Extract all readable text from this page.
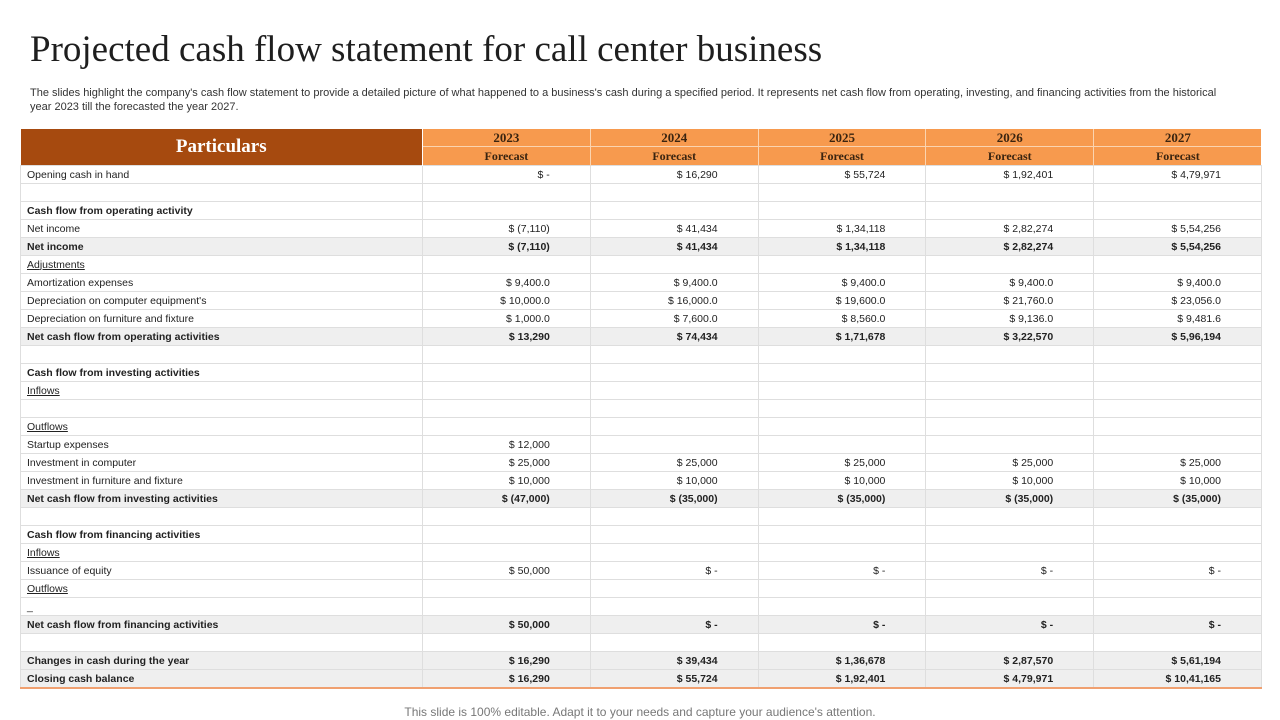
Projected cash flow statement for call center business

The slides highlight the company's cash flow statement to provide a detailed picture of what happened to a business's cash during a specified period. It represents net cash flow from operating, investing, and financing activities from the historical year 2023 till the forecasted the year 2027.

Particulars	2023	2024	2025	2026	2027
	Forecast	Forecast	Forecast	Forecast	Forecast
Opening cash in hand	$ -	$ 16,290	$ 55,724	$ 1,92,401	$ 4,79,971

Cash flow from operating activity					
Net income	$ (7,110)	$ 41,434	$ 1,34,118	$ 2,82,274	$ 5,54,256
Net income	$ (7,110)	$ 41,434	$ 1,34,118	$ 2,82,274	$ 5,54,256
Adjustments					
Amortization expenses	$ 9,400.0	$ 9,400.0	$ 9,400.0	$ 9,400.0	$ 9,400.0
Depreciation on computer equipment's	$ 10,000.0	$ 16,000.0	$ 19,600.0	$ 21,760.0	$ 23,056.0
Depreciation on furniture and fixture	$ 1,000.0	$ 7,600.0	$ 8,560.0	$ 9,136.0	$ 9,481.6
Net cash flow from operating activities	$ 13,290	$ 74,434	$ 1,71,678	$ 3,22,570	$ 5,96,194

Cash flow from investing activities					
Inflows					

Outflows					
Startup expenses	$ 12,000				
Investment in computer	$ 25,000	$ 25,000	$ 25,000	$ 25,000	$ 25,000
Investment in furniture and fixture	$ 10,000	$ 10,000	$ 10,000	$ 10,000	$ 10,000
Net cash flow from investing activities	$ (47,000)	$ (35,000)	$ (35,000)	$ (35,000)	$ (35,000)

Cash flow from financing activities					
Inflows					
Issuance of equity	$ 50,000	$ -	$ -	$ -	$ -
Outflows					
_					
Net cash flow from financing activities	$ 50,000	$ -	$ -	$ -	$ -

Changes in cash during the year	$ 16,290	$ 39,434	$ 1,36,678	$ 2,87,570	$ 5,61,194
Closing cash balance	$ 16,290	$ 55,724	$ 1,92,401	$ 4,79,971	$ 10,41,165
This slide is 100% editable. Adapt it to your needs and capture your audience's attention.
